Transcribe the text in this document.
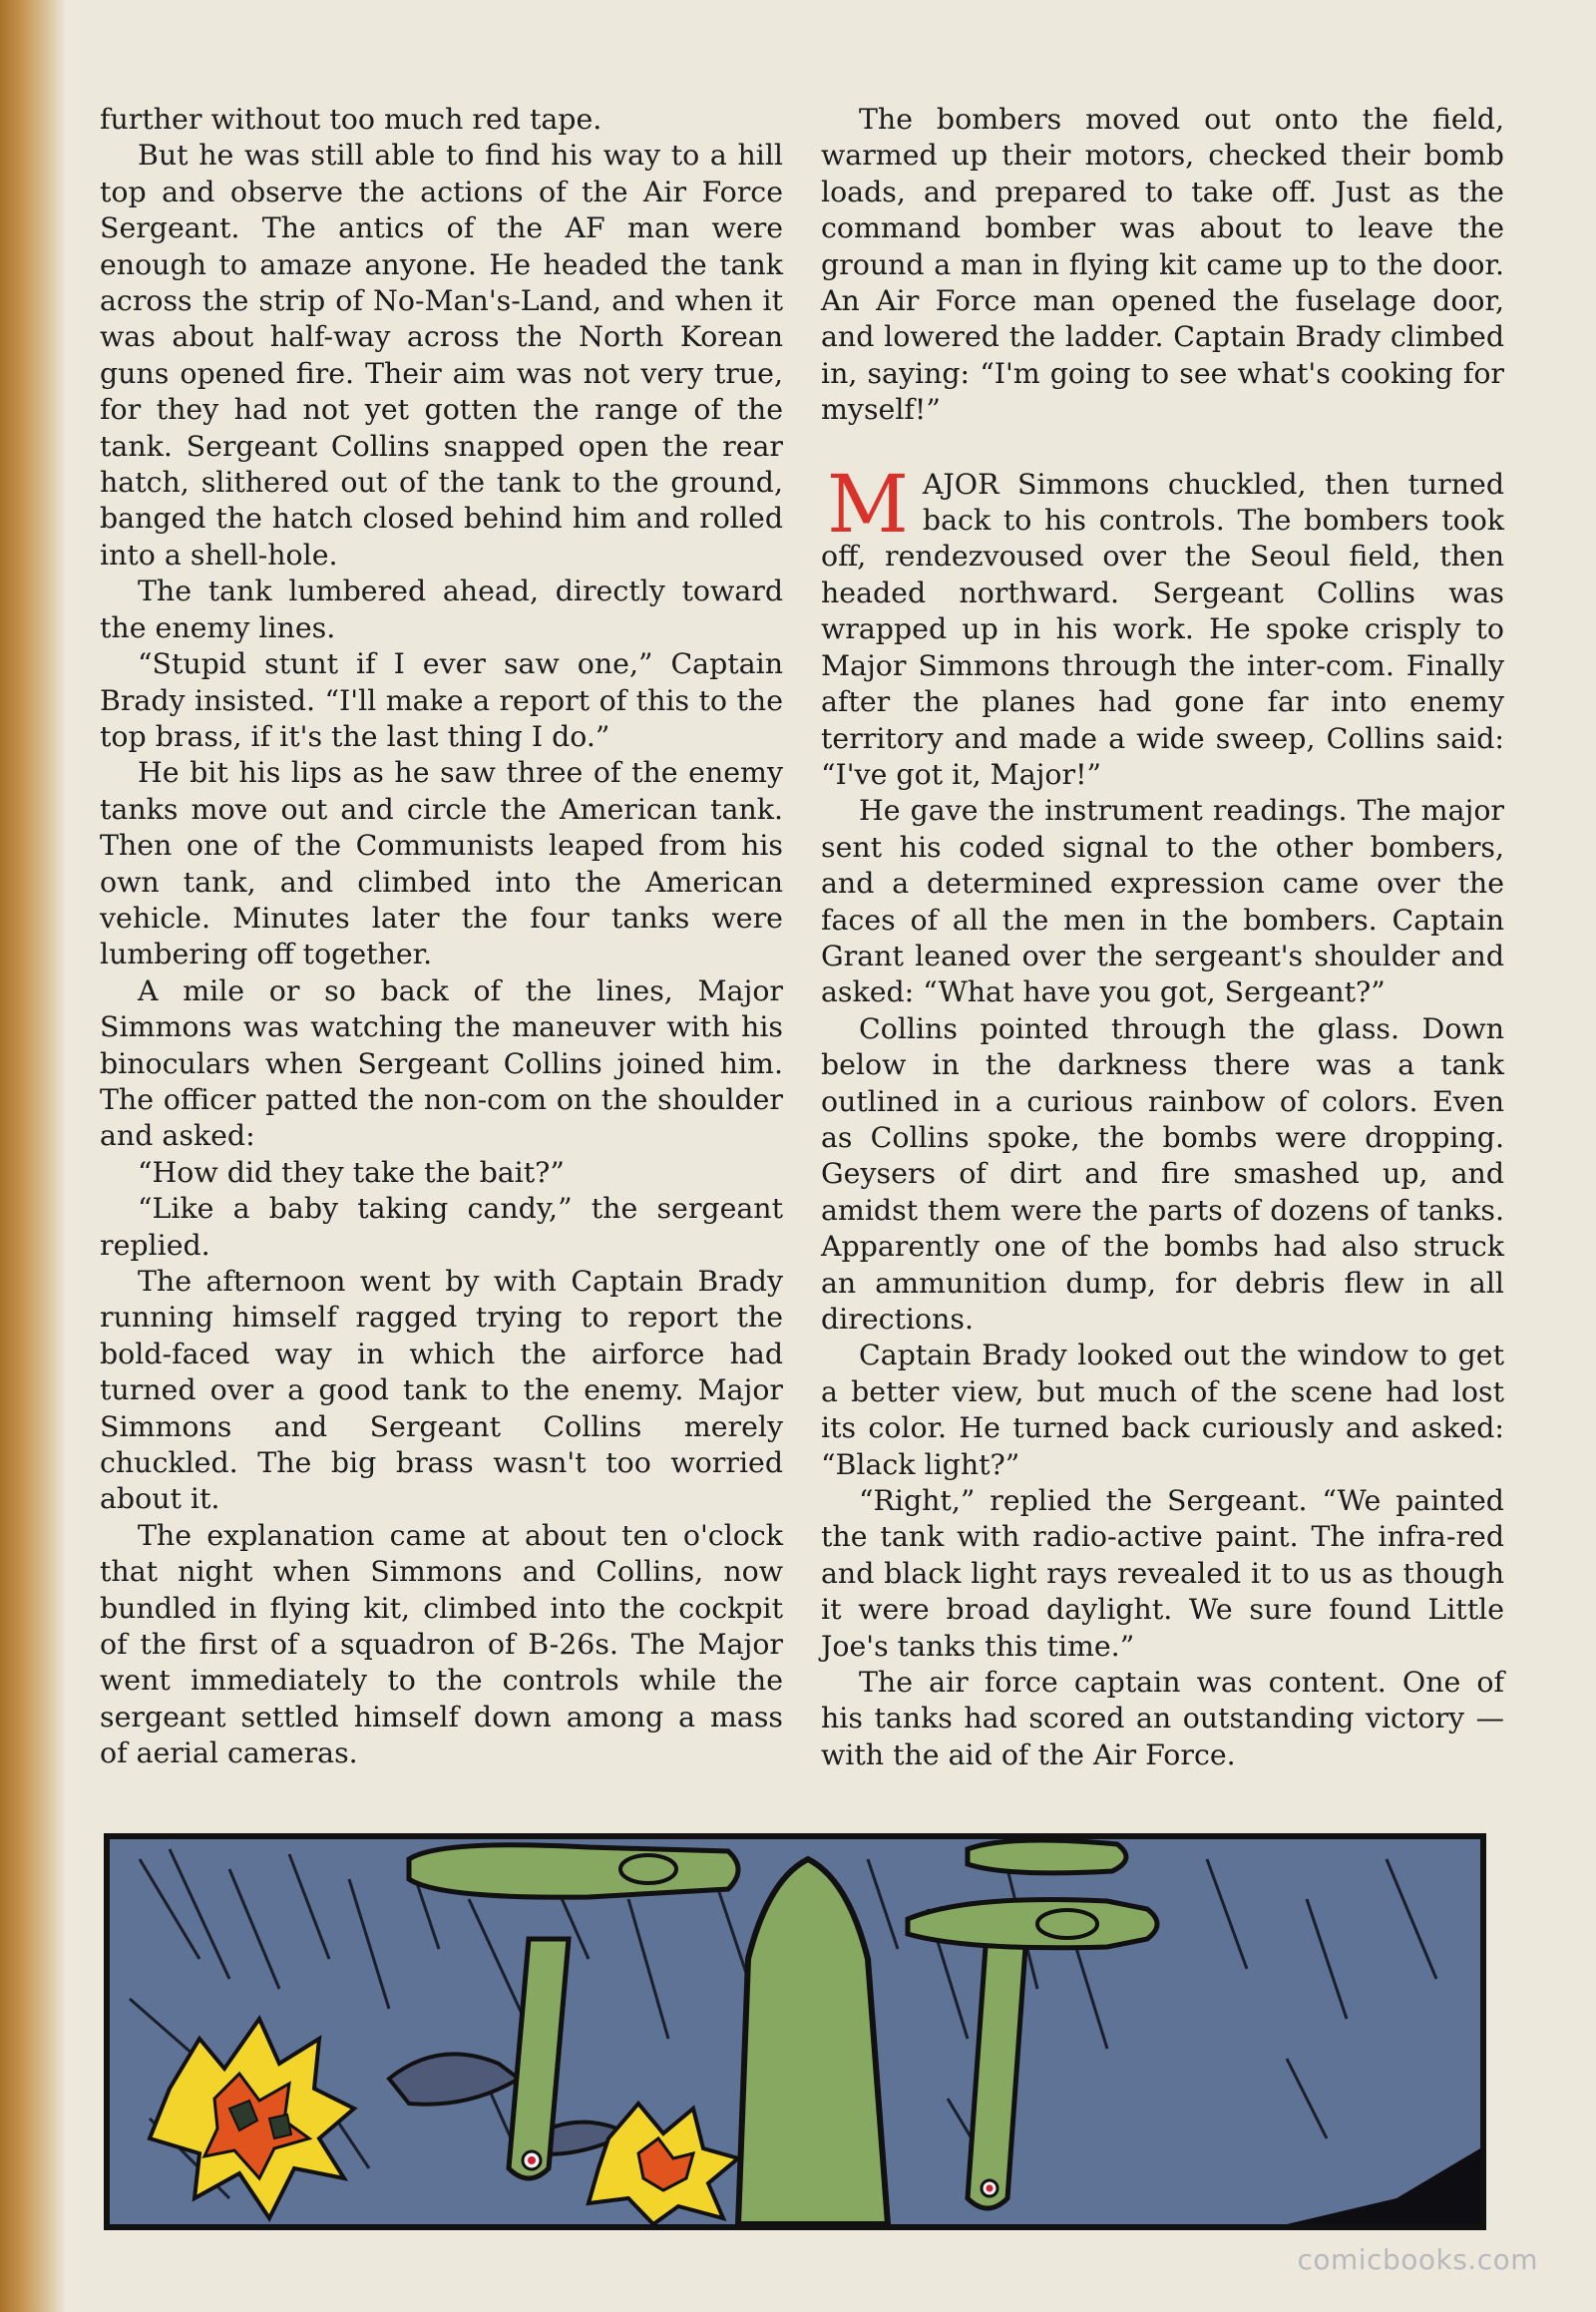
further without too much red tape.

But he was still able to find his way to a hill top and observe the actions of the Air Force Sergeant. The antics of the AF man were enough to amaze anyone. He headed the tank across the strip of No-Man's-Land, and when it was about half-way across the North Korean guns opened fire. Their aim was not very true, for they had not yet gotten the range of the tank. Sergeant Collins snapped open the rear hatch, slithered out of the tank to the ground, banged the hatch closed behind him and rolled into a shell-hole.

The tank lumbered ahead, directly toward the enemy lines.

“Stupid stunt if I ever saw one,” Captain Brady insisted. “I'll make a report of this to the top brass, if it's the last thing I do.”

He bit his lips as he saw three of the enemy tanks move out and circle the American tank. Then one of the Communists leaped from his own tank, and climbed into the American vehicle. Minutes later the four tanks were lumbering off together.

A mile or so back of the lines, Major Simmons was watching the maneuver with his binoculars when Sergeant Collins joined him. The officer patted the non-com on the shoulder and asked:

“How did they take the bait?”

“Like a baby taking candy,” the sergeant replied.

The afternoon went by with Captain Brady running himself ragged trying to report the bold-faced way in which the airforce had turned over a good tank to the enemy. Major Simmons and Sergeant Collins merely chuckled. The big brass wasn't too worried about it.

The explanation came at about ten o'clock that night when Simmons and Collins, now bundled in flying kit, climbed into the cockpit of the first of a squadron of B-26s. The Major went immediately to the controls while the sergeant settled himself down among a mass of aerial cameras.

The bombers moved out onto the field, warmed up their motors, checked their bomb loads, and prepared to take off. Just as the command bomber was about to leave the ground a man in flying kit came up to the door. An Air Force man opened the fuselage door, and lowered the ladder. Captain Brady climbed in, saying: “I'm going to see what's cooking for myself!”

MAJOR Simmons chuckled, then turned back to his controls. The bombers took off, rendezvoused over the Seoul field, then headed northward. Sergeant Collins was wrapped up in his work. He spoke crisply to Major Simmons through the inter-com. Finally after the planes had gone far into enemy territory and made a wide sweep, Collins said: “I've got it, Major!”

He gave the instrument readings. The major sent his coded signal to the other bombers, and a determined expression came over the faces of all the men in the bombers. Captain Grant leaned over the sergeant's shoulder and asked: “What have you got, Sergeant?”

Collins pointed through the glass. Down below in the darkness there was a tank outlined in a curious rainbow of colors. Even as Collins spoke, the bombs were dropping. Geysers of dirt and fire smashed up, and amidst them were the parts of dozens of tanks. Apparently one of the bombs had also struck an ammunition dump, for debris flew in all directions.

Captain Brady looked out the window to get a better view, but much of the scene had lost its color. He turned back curiously and asked: “Black light?”

“Right,” replied the Sergeant. “We painted the tank with radio-active paint. The infra-red and black light rays revealed it to us as though it were broad daylight. We sure found Little Joe's tanks this time.”

The air force captain was content. One of his tanks had scored an outstanding victory —with the aid of the Air Force.

comicbooks.com
